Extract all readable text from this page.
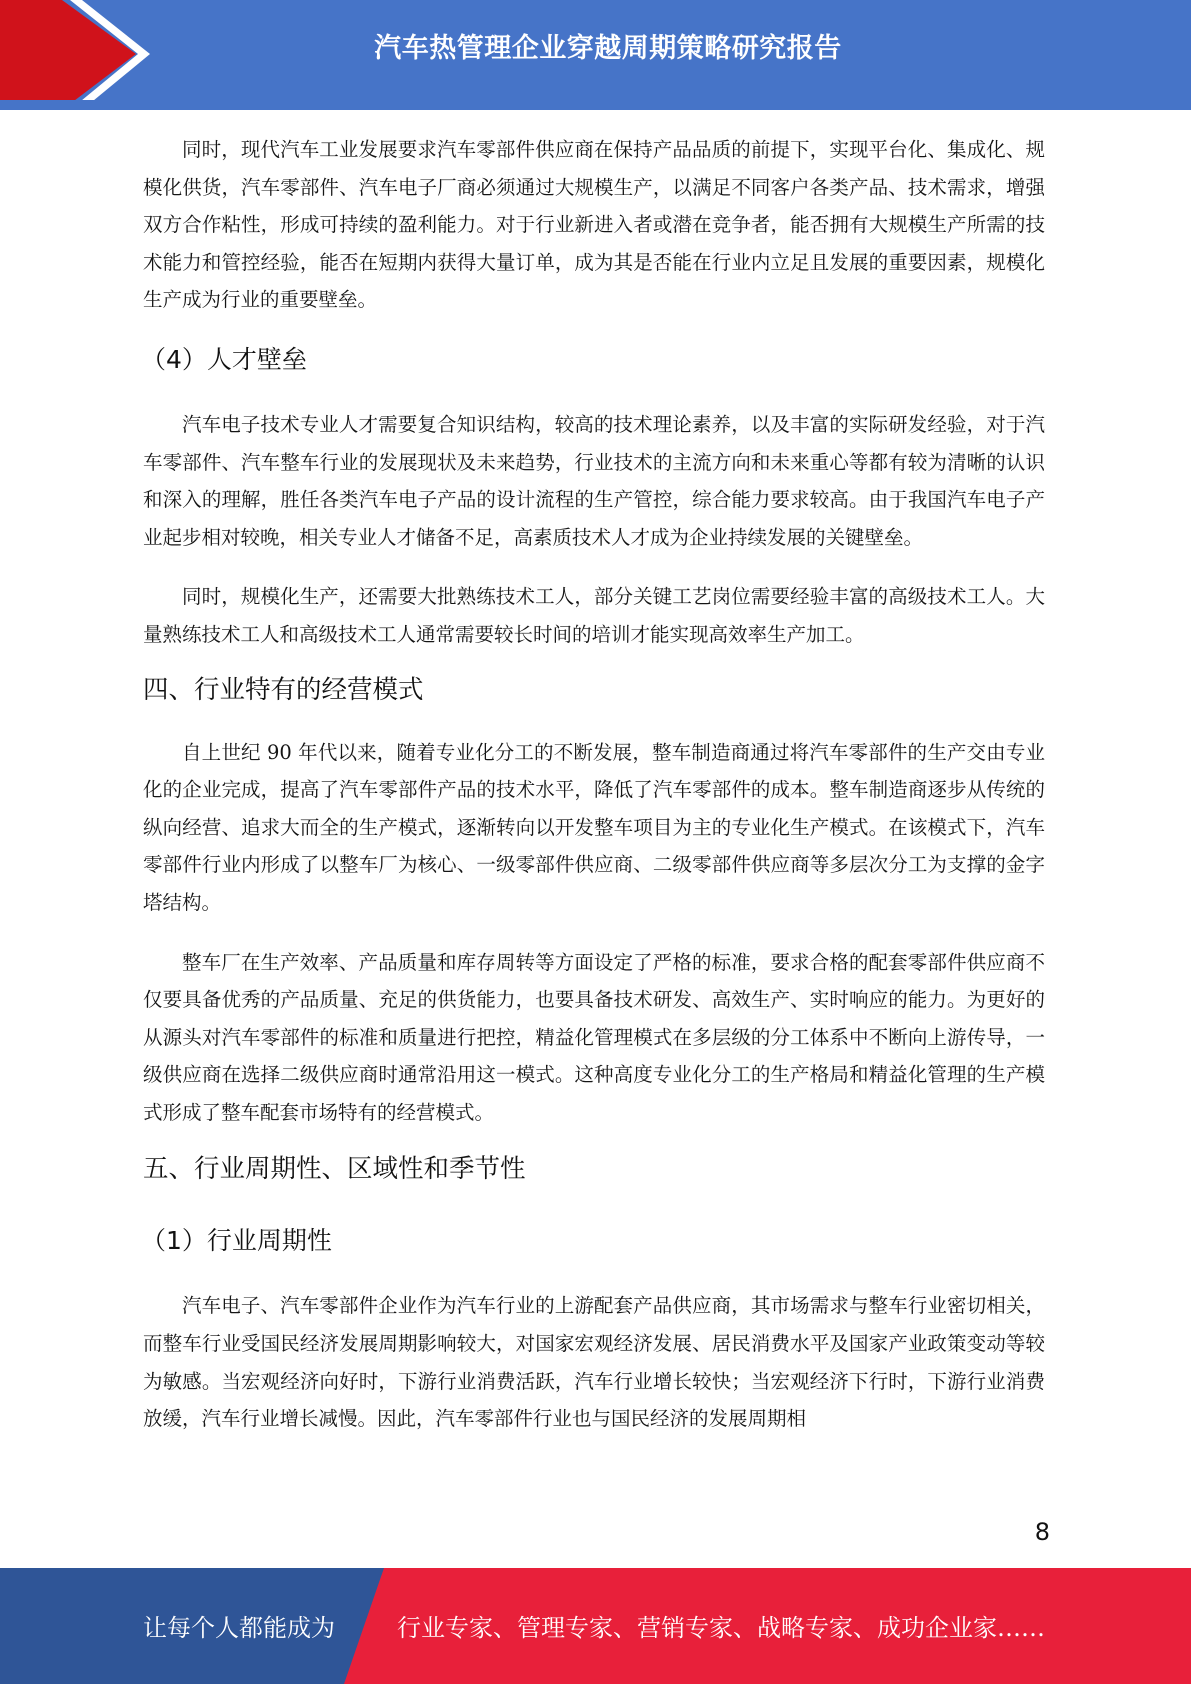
汽车热管理企业穿越周期策略研究报告

同时，现代汽车工业发展要求汽车零部件供应商在保持产品品质的前提下，实现平台化、集成化、规模化供货，汽车零部件、汽车电子厂商必须通过大规模生产，以满足不同客户各类产品、技术需求，增强双方合作粘性，形成可持续的盈利能力。对于行业新进入者或潜在竞争者，能否拥有大规模生产所需的技术能力和管控经验，能否在短期内获得大量订单，成为其是否能在行业内立足且发展的重要因素，规模化生产成为行业的重要壁垒。

（4）人才壁垒

汽车电子技术专业人才需要复合知识结构，较高的技术理论素养，以及丰富的实际研发经验，对于汽车零部件、汽车整车行业的发展现状及未来趋势，行业技术的主流方向和未来重心等都有较为清晰的认识和深入的理解，胜任各类汽车电子产品的设计流程的生产管控，综合能力要求较高。由于我国汽车电子产业起步相对较晚，相关专业人才储备不足，高素质技术人才成为企业持续发展的关键壁垒。

同时，规模化生产，还需要大批熟练技术工人，部分关键工艺岗位需要经验丰富的高级技术工人。大量熟练技术工人和高级技术工人通常需要较长时间的培训才能实现高效率生产加工。

四、行业特有的经营模式

自上世纪 90 年代以来，随着专业化分工的不断发展，整车制造商通过将汽车零部件的生产交由专业化的企业完成，提高了汽车零部件产品的技术水平，降低了汽车零部件的成本。整车制造商逐步从传统的纵向经营、追求大而全的生产模式，逐渐转向以开发整车项目为主的专业化生产模式。在该模式下，汽车零部件行业内形成了以整车厂为核心、一级零部件供应商、二级零部件供应商等多层次分工为支撑的金字塔结构。

整车厂在生产效率、产品质量和库存周转等方面设定了严格的标准，要求合格的配套零部件供应商不仅要具备优秀的产品质量、充足的供货能力，也要具备技术研发、高效生产、实时响应的能力。为更好的从源头对汽车零部件的标准和质量进行把控，精益化管理模式在多层级的分工体系中不断向上游传导，一级供应商在选择二级供应商时通常沿用这一模式。这种高度专业化分工的生产格局和精益化管理的生产模式形成了整车配套市场特有的经营模式。

五、行业周期性、区域性和季节性
（1）行业周期性

汽车电子、汽车零部件企业作为汽车行业的上游配套产品供应商，其市场需求与整车行业密切相关，而整车行业受国民经济发展周期影响较大，对国家宏观经济发展、居民消费水平及国家产业政策变动等较为敏感。当宏观经济向好时，下游行业消费活跃，汽车行业增长较快；当宏观经济下行时，下游行业消费放缓，汽车行业增长减慢。因此，汽车零部件行业也与国民经济的发展周期相

8
让每个人都能成为	行业专家、管理专家、营销专家、战略专家、成功企业家……
